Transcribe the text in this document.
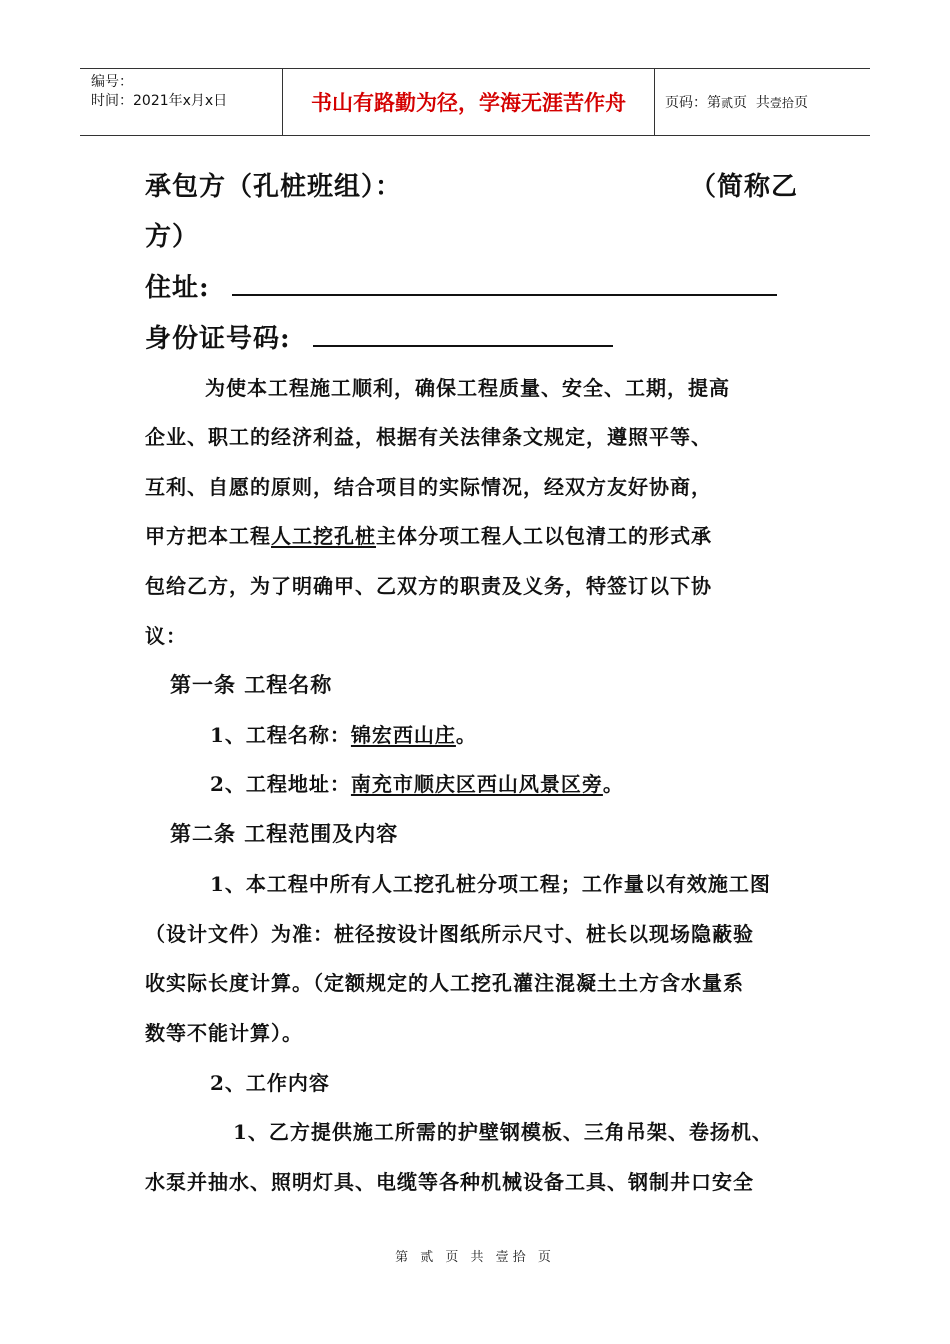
编号：
时间：2021年x月x日	书山有路勤为径，学海无涯苦作舟	页码：第 贰 页  共 壹拾 页
承包方（孔桩班组）：	（简称乙
方）
住址:
身份证号码:
为使本工程施工顺利，确保工程质量、安全、工期，提高
企业、职工的经济利益，根据有关法律条文规定，遵照平等、
互利、自愿的原则，结合项目的实际情况，经双方友好协商，
甲方把本工程人工挖孔桩主体分项工程人工以包清工的形式承
包给乙方，为了明确甲、乙双方的职责及义务，特签订以下协
议：
第一条 工程名称
1、工程名称：锦宏西山庄。
2、工程地址：南充市顺庆区西山风景区旁。
第二条 工程范围及内容
1、本工程中所有人工挖孔桩分项工程；工作量以有效施工图
（设计文件）为准：桩径按设计图纸所示尺寸、桩长以现场隐蔽验
收实际长度计算。（定额规定的人工挖孔灌注混凝土土方含水量系
数等不能计算）。
2、工作内容
1、乙方提供施工所需的护壁钢模板、三角吊架、卷扬机、
水泵并抽水、照明灯具、电缆等各种机械设备工具、钢制井口安全
第 贰 页 共 壹拾 页
